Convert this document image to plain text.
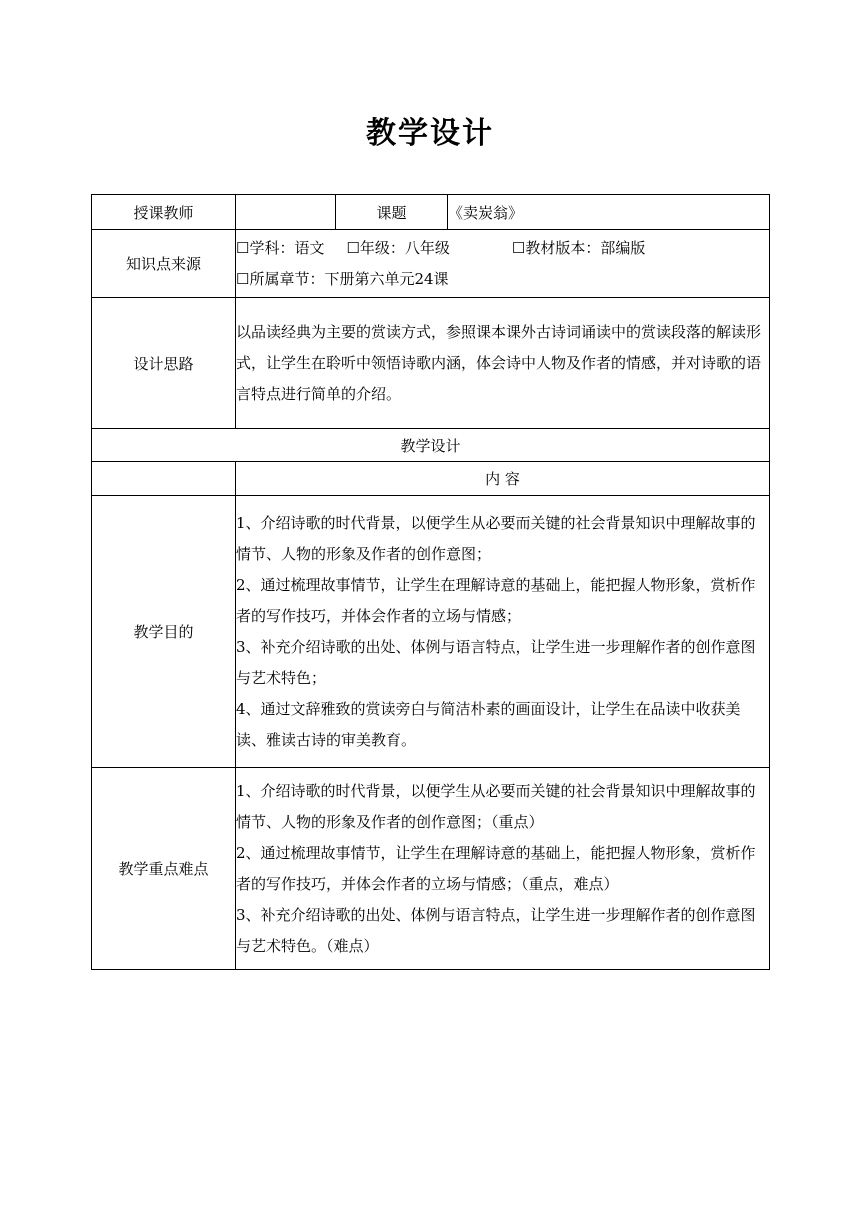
教学设计
授课教师		课题	《卖炭翁》
知识点来源	☐学科：语文 ☐年级：八年级 ☐教材版本：部编版
☐所属章节：下册第六单元24课		

设计思路	以品读经典为主要的赏读方式，参照课本课外古诗词诵读中的赏读段落的解读形式，让学生在聆听中领悟诗歌内涵，体会诗中人物及作者的情感，并对诗歌的语言特点进行简单的介绍。		

教学设计			
	内 容		
教学目的	1、介绍诗歌的时代背景，以便学生从必要而关键的社会背景知识中理解故事的情节、人物的形象及作者的创作意图；
2、通过梳理故事情节，让学生在理解诗意的基础上，能把握人物形象，赏析作者的写作技巧，并体会作者的立场与情感；
3、补充介绍诗歌的出处、体例与语言特点，让学生进一步理解作者的创作意图与艺术特色；
4、通过文辞雅致的赏读旁白与简洁朴素的画面设计，让学生在品读中收获美读、雅读古诗的审美教育。		

教学重点难点	1、介绍诗歌的时代背景，以便学生从必要而关键的社会背景知识中理解故事的情节、人物的形象及作者的创作意图；（重点）
2、通过梳理故事情节，让学生在理解诗意的基础上，能把握人物形象，赏析作者的写作技巧，并体会作者的立场与情感；（重点，难点）
3、补充介绍诗歌的出处、体例与语言特点，让学生进一步理解作者的创作意图与艺术特色。（难点）		
